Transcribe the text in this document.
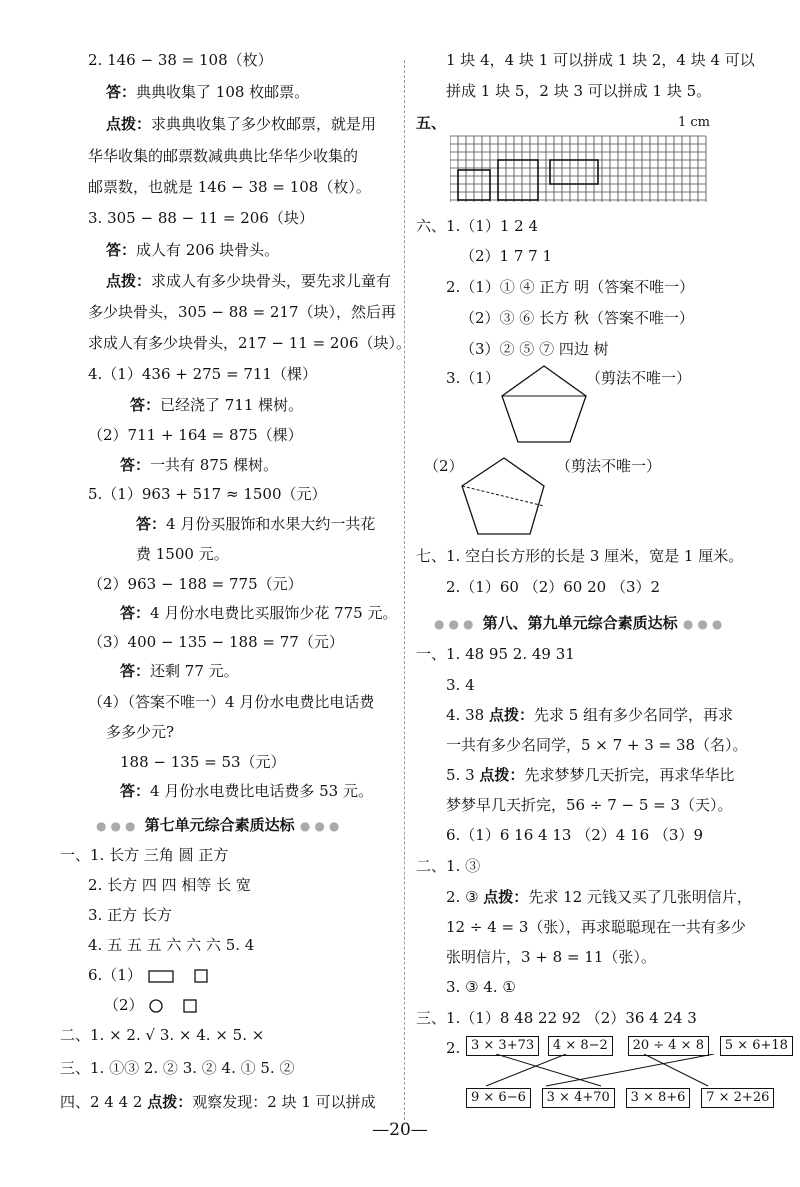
2. 146 − 38 = 108（枚）
答：典典收集了 108 枚邮票。
点拨：求典典收集了多少枚邮票，就是用
华华收集的邮票数减典典比华华少收集的
邮票数，也就是 146 − 38 = 108（枚）。
3. 305 − 88 − 11 = 206（块）
答：成人有 206 块骨头。
点拨：求成人有多少块骨头，要先求儿童有
多少块骨头，305 − 88 = 217（块），然后再
求成人有多少块骨头，217 − 11 = 206（块）。
4.（1）436 + 275 = 711（棵）
答：已经浇了 711 棵树。
（2）711 + 164 = 875（棵）
答：一共有 875 棵树。
5.（1）963 + 517 ≈ 1500（元）
答：4 月份买服饰和水果大约一共花
费 1500 元。
（2）963 − 188 = 775（元）
答：4 月份水电费比买服饰少花 775 元。
（3）400 − 135 − 188 = 77（元）
答：还剩 77 元。
（4）（答案不唯一）4 月份水电费比电话费
多多少元?
188 − 135 = 53（元）
答：4 月份水电费比电话费多 53 元。
●●● 第七单元综合素质达标 ●●●
一、1. 长方 三角 圆 正方
2. 长方 四 四 相等 长 宽
3. 正方 长方
4. 五 五 五 六 六 六 5. 4
6.（1）
（2）
二、1. × 2. √ 3. × 4. × 5. ×
三、1. ①③ 2. ② 3. ② 4. ① 5. ②
四、2 4 4 2 点拨：观察发现：2 块 1 可以拼成
1 块 4，4 块 1 可以拼成 1 块 2，4 块 4 可以
拼成 1 块 5，2 块 3 可以拼成 1 块 5。
五、	1 cm
六、1.（1）1 2 4
（2）1 7 7 1
2.（1）① ④ 正方 明（答案不唯一）
（2）③ ⑥ 长方 秋（答案不唯一）
（3）② ⑤ ⑦ 四边 树
3.（1）	（剪法不唯一）
（2）	（剪法不唯一）
七、1. 空白长方形的长是 3 厘米，宽是 1 厘米。
2.（1）60 （2）60 20 （3）2
●●● 第八、第九单元综合素质达标 ●●●
一、1. 48 95 2. 49 31
3. 4
4. 38 点拨：先求 5 组有多少名同学，再求
一共有多少名同学，5 × 7 + 3 = 38（名）。
5. 3 点拨：先求梦梦几天折完，再求华华比
梦梦早几天折完，56 ÷ 7 − 5 = 3（天）。
6.（1）6 16 4 13 （2）4 16 （3）9
二、1. ③
2. ③ 点拨：先求 12 元钱又买了几张明信片，
12 ÷ 4 = 3（张），再求聪聪现在一共有多少
张明信片，3 + 8 = 11（张）。
3. ③ 4. ①
三、1.（1）8 48 22 92 （2）36 4 24 3
2. 3 × 3+73 4 × 8−2 20 ÷ 4 × 8 5 × 6+18
9 × 6−6 3 × 4+70 3 × 8+6 7 × 2+26
—20—
